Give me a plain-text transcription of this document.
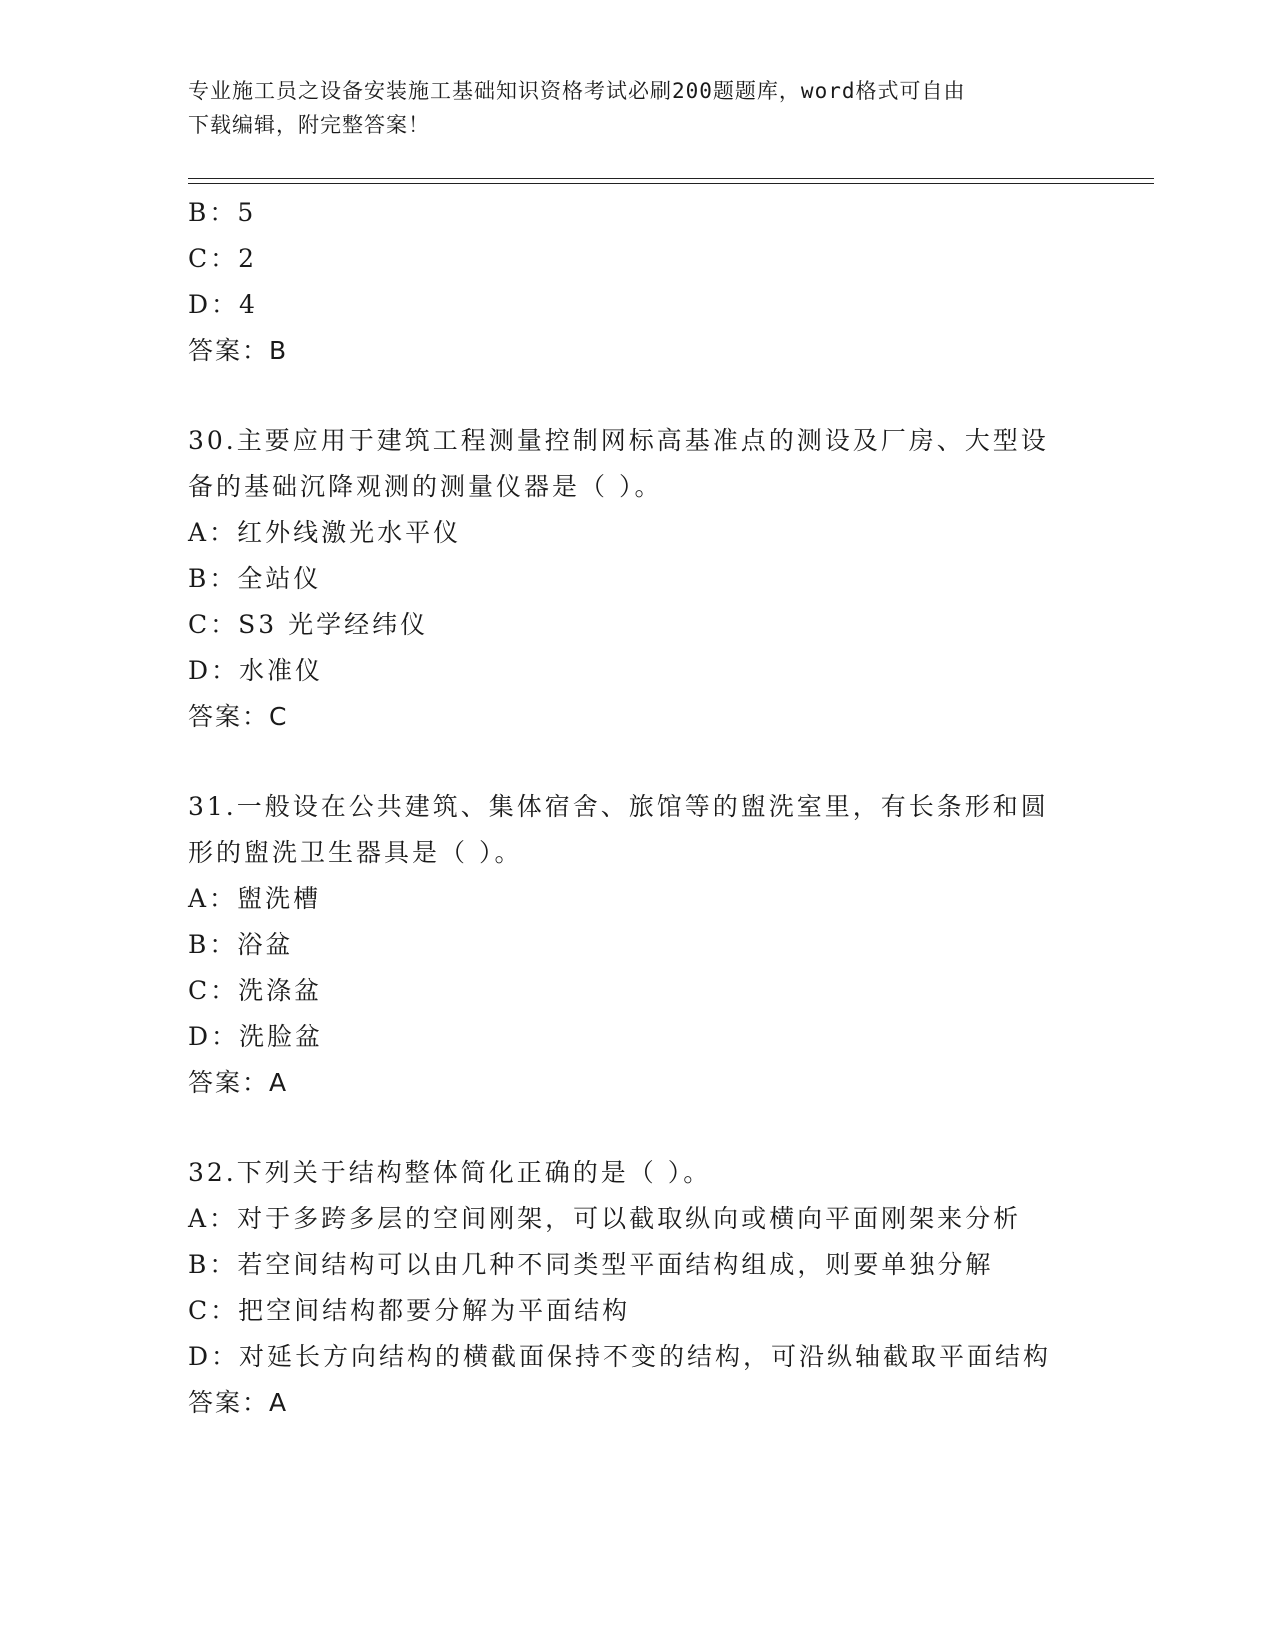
专业施工员之设备安装施工基础知识资格考试必刷200题题库，word格式可自由
下载编辑，附完整答案！
B：5
C：2
D：4
答案：B
30.主要应用于建筑工程测量控制网标高基准点的测设及厂房、大型设
备的基础沉降观测的测量仪器是（ ）。
A：红外线激光水平仪
B：全站仪
C：S3 光学经纬仪
D：水准仪
答案：C
31.一般设在公共建筑、集体宿舍、旅馆等的盥洗室里，有长条形和圆
形的盥洗卫生器具是（ ）。
A：盥洗槽
B：浴盆
C：洗涤盆
D：洗脸盆
答案：A
32.下列关于结构整体简化正确的是（ ）。
A：对于多跨多层的空间刚架，可以截取纵向或横向平面刚架来分析
B：若空间结构可以由几种不同类型平面结构组成，则要单独分解
C：把空间结构都要分解为平面结构
D：对延长方向结构的横截面保持不变的结构，可沿纵轴截取平面结构
答案：A
